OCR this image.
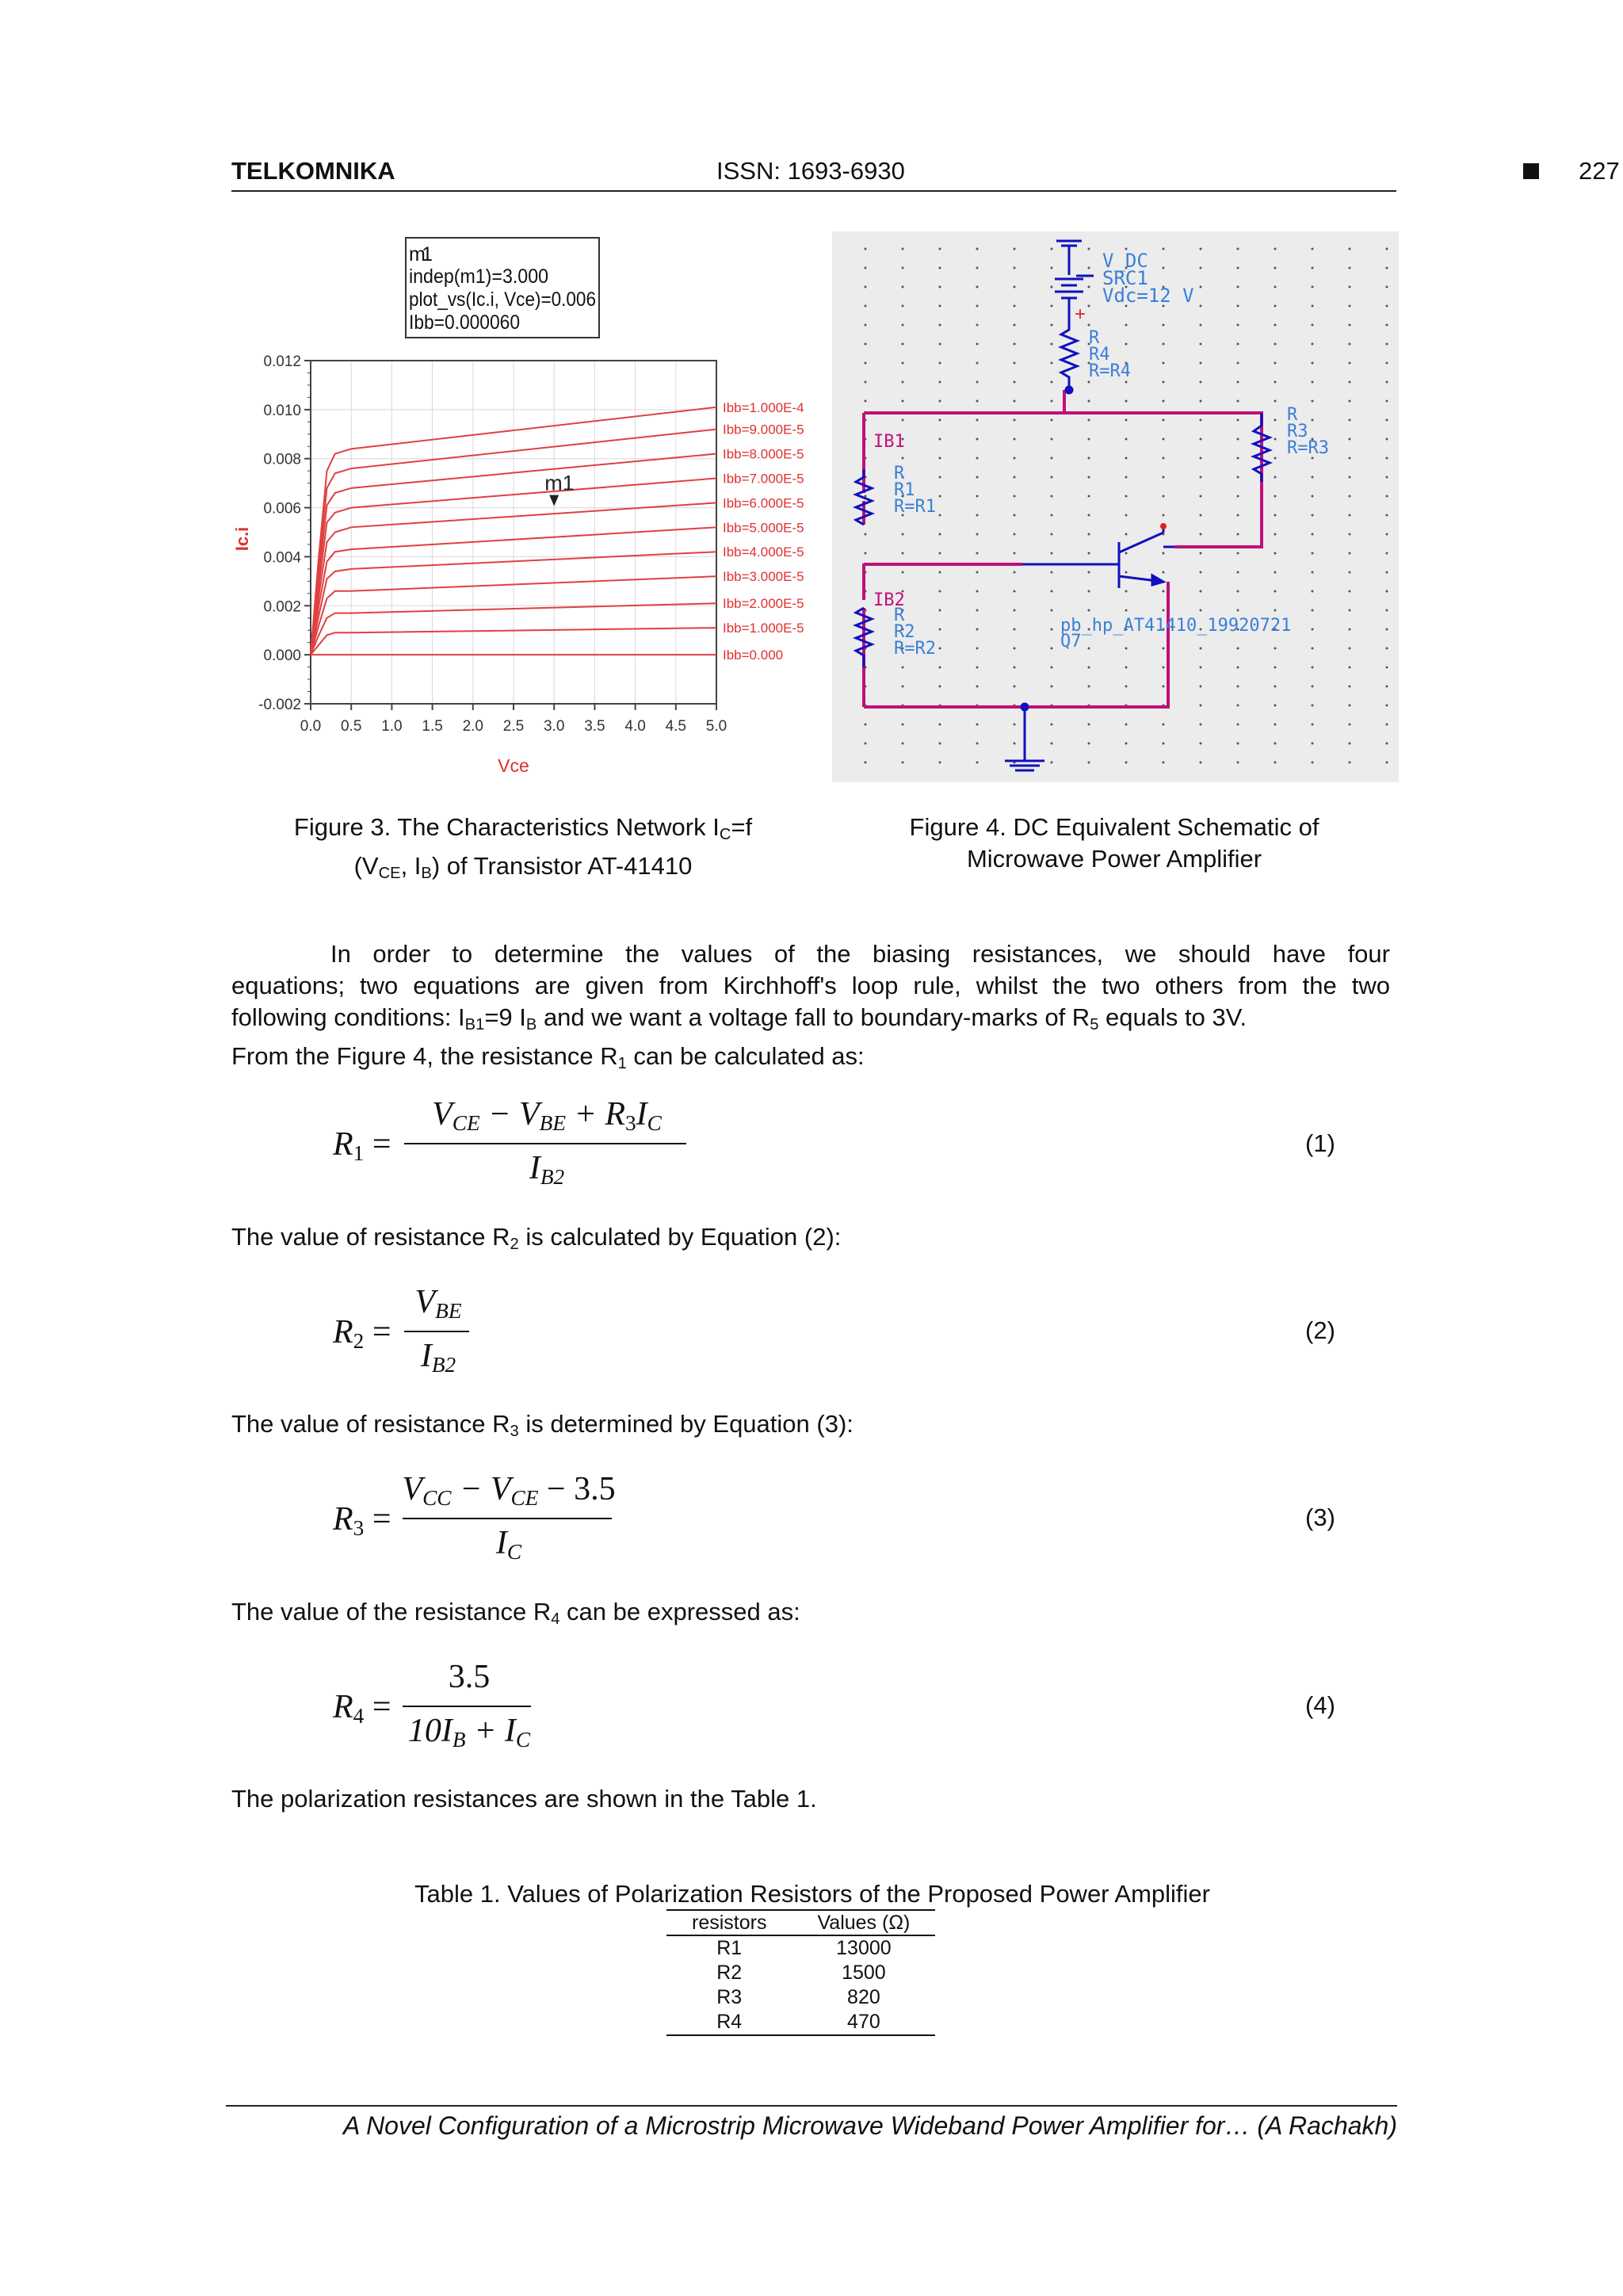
TELKOMNIKA	ISSN: 1693-6930	227
0.0 0.5 1.0 1.5 2.0 2.5 3.0 3.5 4.0 4.5 5.0
-0.002
0.000
0.002
0.004
0.006
0.008
0.010
0.012
Ibb=1.000E-4
Ibb=9.000E-5
Ibb=8.000E-5
Ibb=7.000E-5
Ibb=6.000E-5
Ibb=5.000E-5
Ibb=4.000E-5
Ibb=3.000E-5
Ibb=2.000E-5
Ibb=1.000E-5
Ibb=0.000
m1
indep(m1)=3.000
plot_vs(Ic.i, Vce)=0.006
Ibb=0.000060
m1
Ic.i
Vce
+
V_DC
SRC1
Vdc=12 V
R
R4
R=R4
R
R3
R=R3
IB1
R
R1
R=R1
IB2
R
R2
R=R2
pb_hp_AT41410_19920721
Q7
Figure 3. The Characteristics Network $I_C=f$
($V_{CE}$, $I_B$) of Transistor AT-41410
Figure 4. DC Equivalent Schematic of
Microwave Power Amplifier
In order to determine the values of the biasing resistances, we should have four
equations; two equations are given from Kirchhoff's loop rule, whilst the two others from the two
following conditions: $I_{B1}=9$ $I_B$ and we want a voltage fall to boundary-marks of $R_5$ equals to 3V.
From the Figure 4, the resistance $R_1$ can be calculated as:
$R_1$ =
$V_{CE} - V_{BE} + R_3I_C$
$I_{B2}$
(1)
The value of resistance $R_2$ is calculated by Equation (2):
$R_2$ =
$V_{BE}$
$I_{B2}$
(2)
The value of resistance $R_3$ is determined by Equation (3):
$R_3$ =
$V_{CC} - V_{CE} - 3.5$
$I_C$
(3)
The value of the resistance $R_4$ can be expressed as:
$R_4$ =
3.5
$10I_B + I_C$
(4)
The polarization resistances are shown in the Table 1.
Table 1. Values of Polarization Resistors of the Proposed Power Amplifier
resistors	Values (Ω)
R1	13000
R2	1500
R3	820
R4	470
A Novel Configuration of a Microstrip Microwave Wideband Power Amplifier for… (A Rachakh)
